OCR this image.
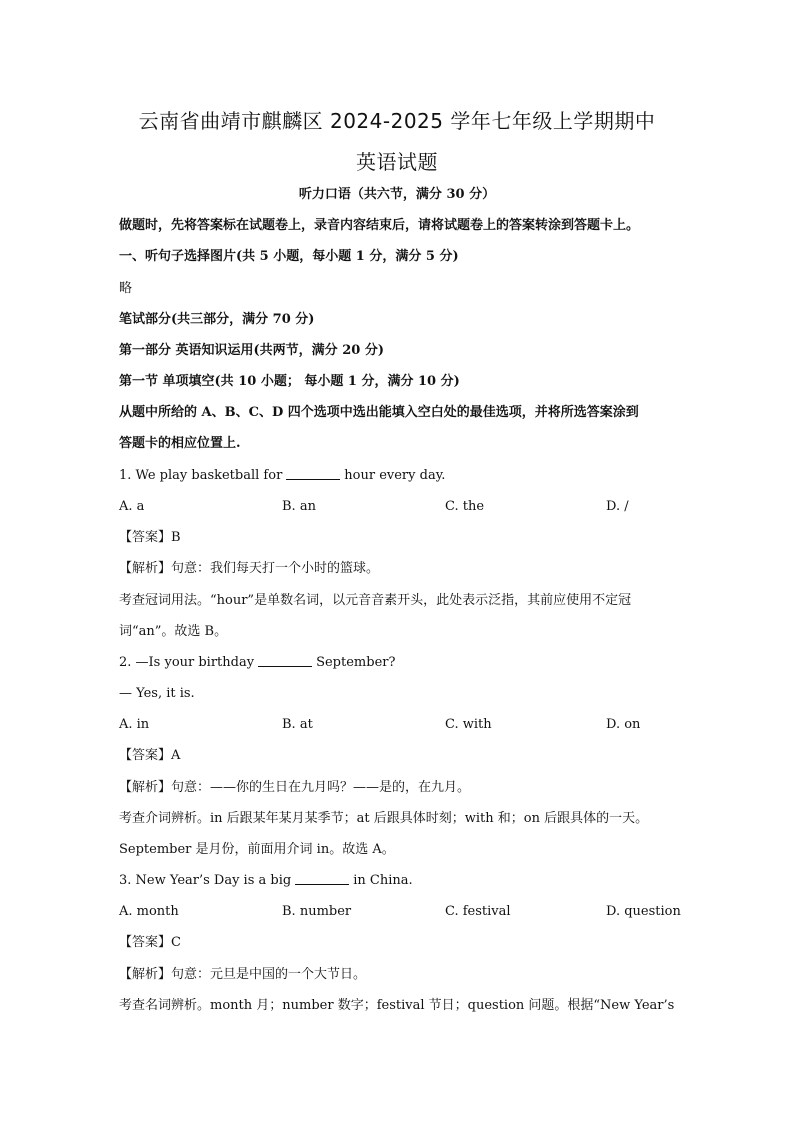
云南省曲靖市麒麟区 2024-2025 学年七年级上学期期中
英语试题
听力口语（共六节，满分 30 分）
做题时，先将答案标在试题卷上，录音内容结束后，请将试题卷上的答案转涂到答题卡上。
一、听句子选择图片(共 5 小题，每小题 1 分，满分 5 分)
略
笔试部分(共三部分，满分 70 分)
第一部分 英语知识运用(共两节，满分 20 分)
第一节 单项填空(共 10 小题； 每小题 1 分，满分 10 分)
从题中所给的 A、B、C、D 四个选项中选出能填入空白处的最佳选项，并将所选答案涂到
答题卡的相应位置上.
1. We play basketball for	hour every day.
A. a	B. an	C. the	D. /
【答案】B
【解析】句意：我们每天打一个小时的篮球。
考查冠词用法。“hour”是单数名词，以元音音素开头，此处表示泛指，其前应使用不定冠
词“an”。故选 B。
2. —Is your birthday	September?
— Yes, it is.
A. in	B. at	C. with	D. on
【答案】A
【解析】句意：——你的生日在九月吗？——是的，在九月。
考查介词辨析。in 后跟某年某月某季节；at 后跟具体时刻；with 和；on 后跟具体的一天。
September 是月份，前面用介词 in。故选 A。
3. New Year’s Day is a big	in China.
A. month	B. number	C. festival	D. question
【答案】C
【解析】句意：元旦是中国的一个大节日。
考查名词辨析。month 月；number 数字；festival 节日；question 问题。根据“New Year’s
